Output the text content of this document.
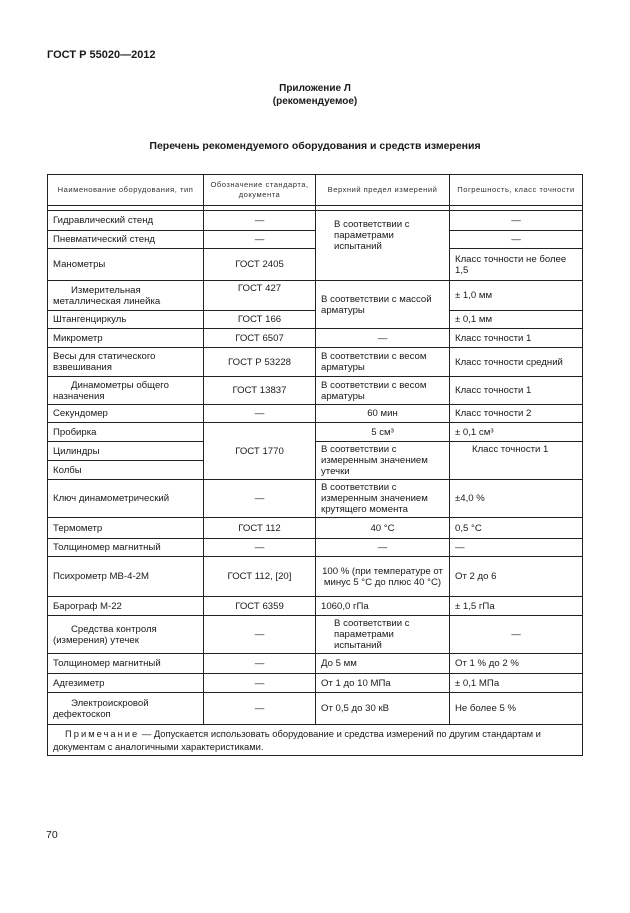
ГОСТ Р 55020—2012
Приложение Л
(рекомендуемое)
Перечень рекомендуемого оборудования и средств измерения
Наименование оборудования, тип	Обозначение стандарта, документа	Верхний предел измерений	Погрешность, класс точности

Гидравлический стенд	—	В соответствии с параметрами испытаний	—
Пневматический стенд	—		—
Манометры	ГОСТ 2405		Класс точности не более 1,5
Измерительная металлическая линейка	ГОСТ 427	В соответствии с массой арматуры	± 1,0 мм
Штангенциркуль	ГОСТ 166		± 0,1 мм
Микрометр	ГОСТ 6507	—	Класс точности 1
Весы для статического взвешивания	ГОСТ Р 53228	В соответствии с весом арматуры	Класс точности средний
Динамометры общего назначения	ГОСТ 13837	В соответствии с весом арматуры	Класс точности 1
Секундомер	—	60 мин	Класс точности 2
Пробирка	ГОСТ 1770	5 см³	± 0,1 см³
Цилиндры		В соответствии с измеренным значением утечки	Класс точности 1
Колбы			
Ключ динамометрический	—	В соответствии с измеренным значением крутящего момента	±4,0 %
Термометр	ГОСТ 112	40 °С	0,5 °С
Толщиномер магнитный	—	—	—
Психрометр МВ-4-2М	ГОСТ 112, [20]	100 % (при температуре от минус 5 °С до плюс 40 °С)	От 2 до 6
Барограф М-22	ГОСТ 6359	1060,0 гПа	± 1,5 гПа
Средства контроля (измерения) утечек	—	В соответствии с параметрами испытаний	—
Толщиномер магнитный	—	До 5 мм	От 1 % до 2 %
Адгезиметр	—	От 1 до 10 МПа	± 0,1 МПа
Электроискровой дефектоскоп	—	От 0,5 до 30 кВ	Не более 5 %
Примечание — Допускается использовать оборудование и средства измерений по другим стандартам и документам с аналогичными характеристиками.			
70
